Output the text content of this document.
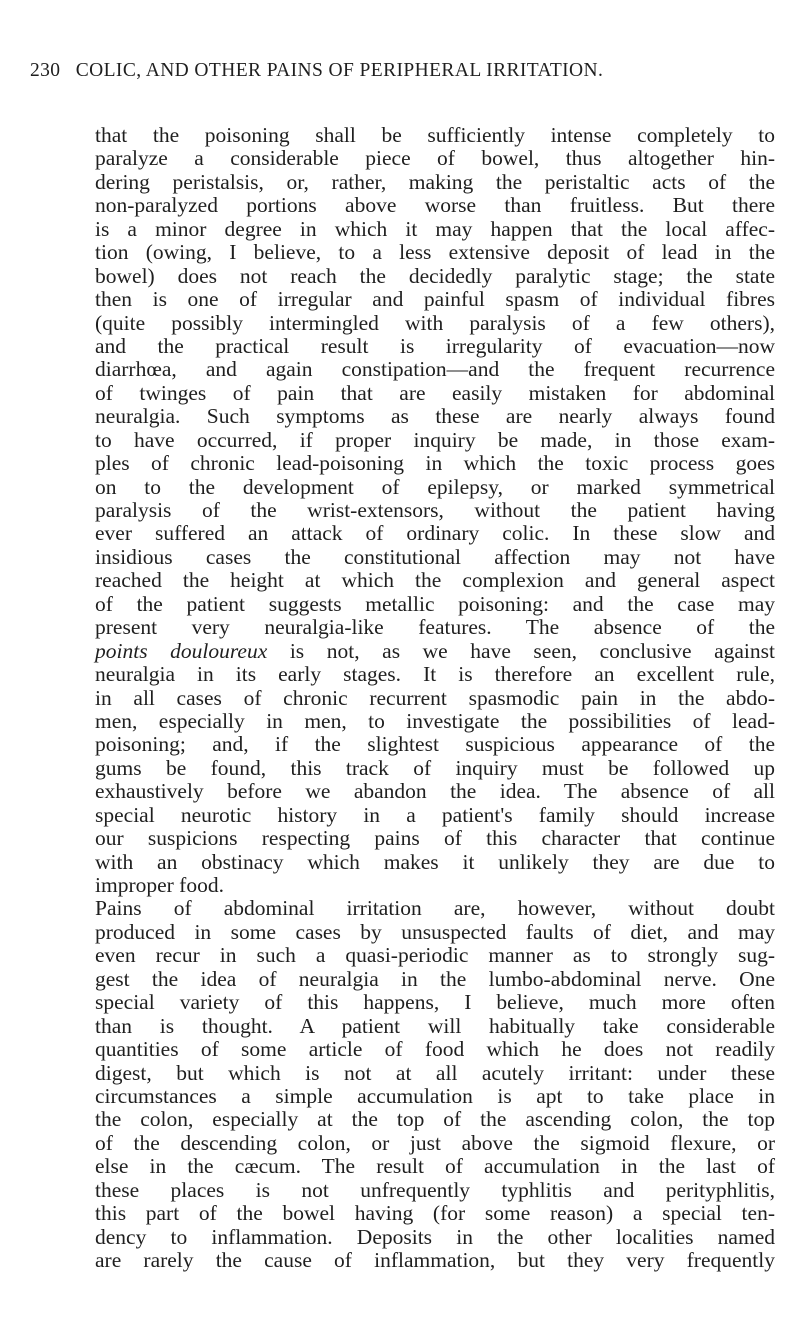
230 COLIC, AND OTHER PAINS OF PERIPHERAL IRRITATION.
that the poisoning shall be sufficiently intense completely to
paralyze a considerable piece of bowel, thus altogether hin-
dering peristalsis, or, rather, making the peristaltic acts of the
non-paralyzed portions above worse than fruitless. But there
is a minor degree in which it may happen that the local affec-
tion (owing, I believe, to a less extensive deposit of lead in the
bowel) does not reach the decidedly paralytic stage; the state
then is one of irregular and painful spasm of individual fibres
(quite possibly intermingled with paralysis of a few others),
and the practical result is irregularity of evacuation—now
diarrhœa, and again constipation—and the frequent recurrence
of twinges of pain that are easily mistaken for abdominal
neuralgia. Such symptoms as these are nearly always found
to have occurred, if proper inquiry be made, in those exam-
ples of chronic lead-poisoning in which the toxic process goes
on to the development of epilepsy, or marked symmetrical
paralysis of the wrist-extensors, without the patient having
ever suffered an attack of ordinary colic. In these slow and
insidious cases the constitutional affection may not have
reached the height at which the complexion and general aspect
of the patient suggests metallic poisoning: and the case may
present very neuralgia-like features. The absence of the
points douloureux is not, as we have seen, conclusive against
neuralgia in its early stages. It is therefore an excellent rule,
in all cases of chronic recurrent spasmodic pain in the abdo-
men, especially in men, to investigate the possibilities of lead-
poisoning; and, if the slightest suspicious appearance of the
gums be found, this track of inquiry must be followed up
exhaustively before we abandon the idea. The absence of all
special neurotic history in a patient's family should increase
our suspicions respecting pains of this character that continue
with an obstinacy which makes it unlikely they are due to
improper food.
Pains of abdominal irritation are, however, without doubt
produced in some cases by unsuspected faults of diet, and may
even recur in such a quasi-periodic manner as to strongly sug-
gest the idea of neuralgia in the lumbo-abdominal nerve. One
special variety of this happens, I believe, much more often
than is thought. A patient will habitually take considerable
quantities of some article of food which he does not readily
digest, but which is not at all acutely irritant: under these
circumstances a simple accumulation is apt to take place in
the colon, especially at the top of the ascending colon, the top
of the descending colon, or just above the sigmoid flexure, or
else in the cæcum. The result of accumulation in the last of
these places is not unfrequently typhlitis and perityphlitis,
this part of the bowel having (for some reason) a special ten-
dency to inflammation. Deposits in the other localities named
are rarely the cause of inflammation, but they very frequently
